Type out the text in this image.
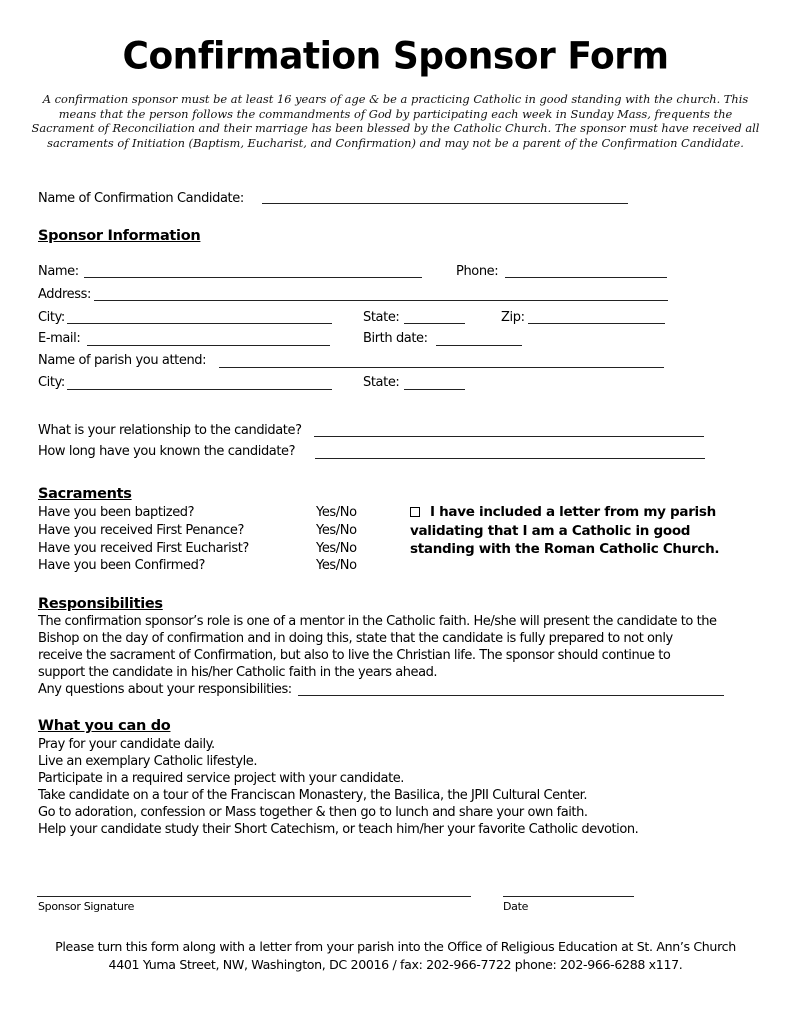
Confirmation Sponsor Form
A confirmation sponsor must be at least 16 years of age & be a practicing Catholic in good standing with the church. This means that the person follows the commandments of God by participating each week in Sunday Mass, frequents the Sacrament of Reconciliation and their marriage has been blessed by the Catholic Church. The sponsor must have received all sacraments of Initiation (Baptism, Eucharist, and Confirmation) and may not be a parent of the Confirmation Candidate.
Name of Confirmation Candidate:
Sponsor Information
Name:	Phone:
Address:
City:	State:	Zip:
E-mail:	Birth date:
Name of parish you attend:
City:	State:
What is your relationship to the candidate?
How long have you known the candidate?
Sacraments
Have you been baptized?	Yes/No
Have you received First Penance?	Yes/No
Have you received First Eucharist?	Yes/No
Have you been Confirmed?	Yes/No
I have included a letter from my parish
validating that I am a Catholic in good
standing with the Roman Catholic Church.
Responsibilities
The confirmation sponsor’s role is one of a mentor in the Catholic faith. He/she will present the candidate to the
Bishop on the day of confirmation and in doing this, state that the candidate is fully prepared to not only
receive the sacrament of Confirmation, but also to live the Christian life. The sponsor should continue to
support the candidate in his/her Catholic faith in the years ahead.
Any questions about your responsibilities:
What you can do
Pray for your candidate daily.
Live an exemplary Catholic lifestyle.
Participate in a required service project with your candidate.
Take candidate on a tour of the Franciscan Monastery, the Basilica, the JPII Cultural Center.
Go to adoration, confession or Mass together & then go to lunch and share your own faith.
Help your candidate study their Short Catechism, or teach him/her your favorite Catholic devotion.
Sponsor Signature	Date
Please turn this form along with a letter from your parish into the Office of Religious Education at St. Ann’s Church
4401 Yuma Street, NW, Washington, DC 20016 / fax: 202-966-7722 phone: 202-966-6288 x117.
